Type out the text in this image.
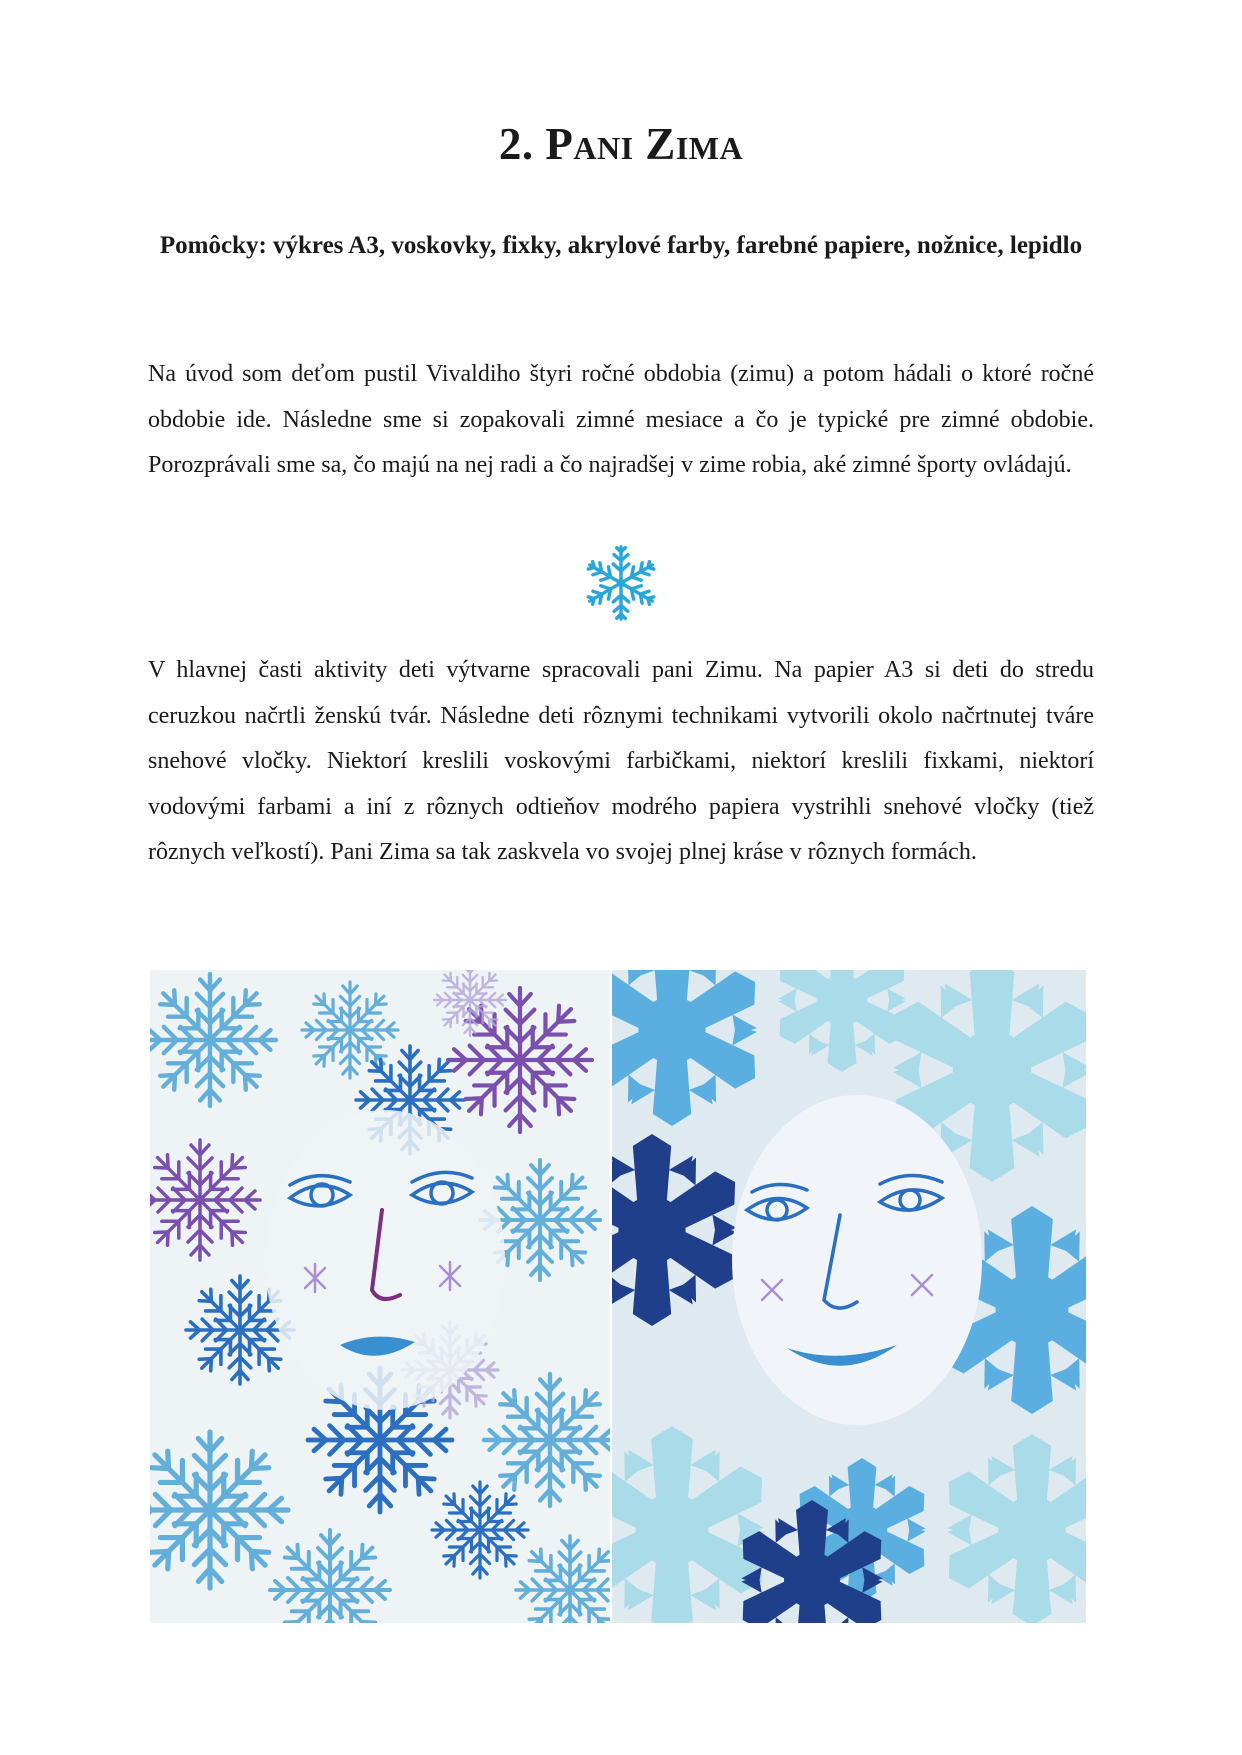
2. Pani Zima

Pomôcky: výkres A3, voskovky, fixky, akrylové farby, farebné papiere, nožnice, lepidlo

Na úvod som deťom pustil Vivaldiho štyri ročné obdobia (zimu) a potom hádali o ktoré ročné obdobie ide. Následne sme si zopakovali zimné mesiace a čo je typické pre zimné obdobie. Porozprávali sme sa, čo majú na nej radi a čo najradšej v zime robia, aké zimné športy ovládajú.

V hlavnej časti aktivity deti výtvarne spracovali pani Zimu. Na papier A3 si deti do stredu ceruzkou načrtli ženskú tvár. Následne deti rôznymi technikami vytvorili okolo načrtnutej tváre snehové vločky. Niektorí kreslili voskovými farbičkami, niektorí kreslili fixkami, niektorí vodovými farbami a iní z rôznych odtieňov modrého papiera vystrihli snehové vločky (tiež rôznych veľkostí). Pani Zima sa tak zaskvela vo svojej plnej kráse v rôznych formách.
